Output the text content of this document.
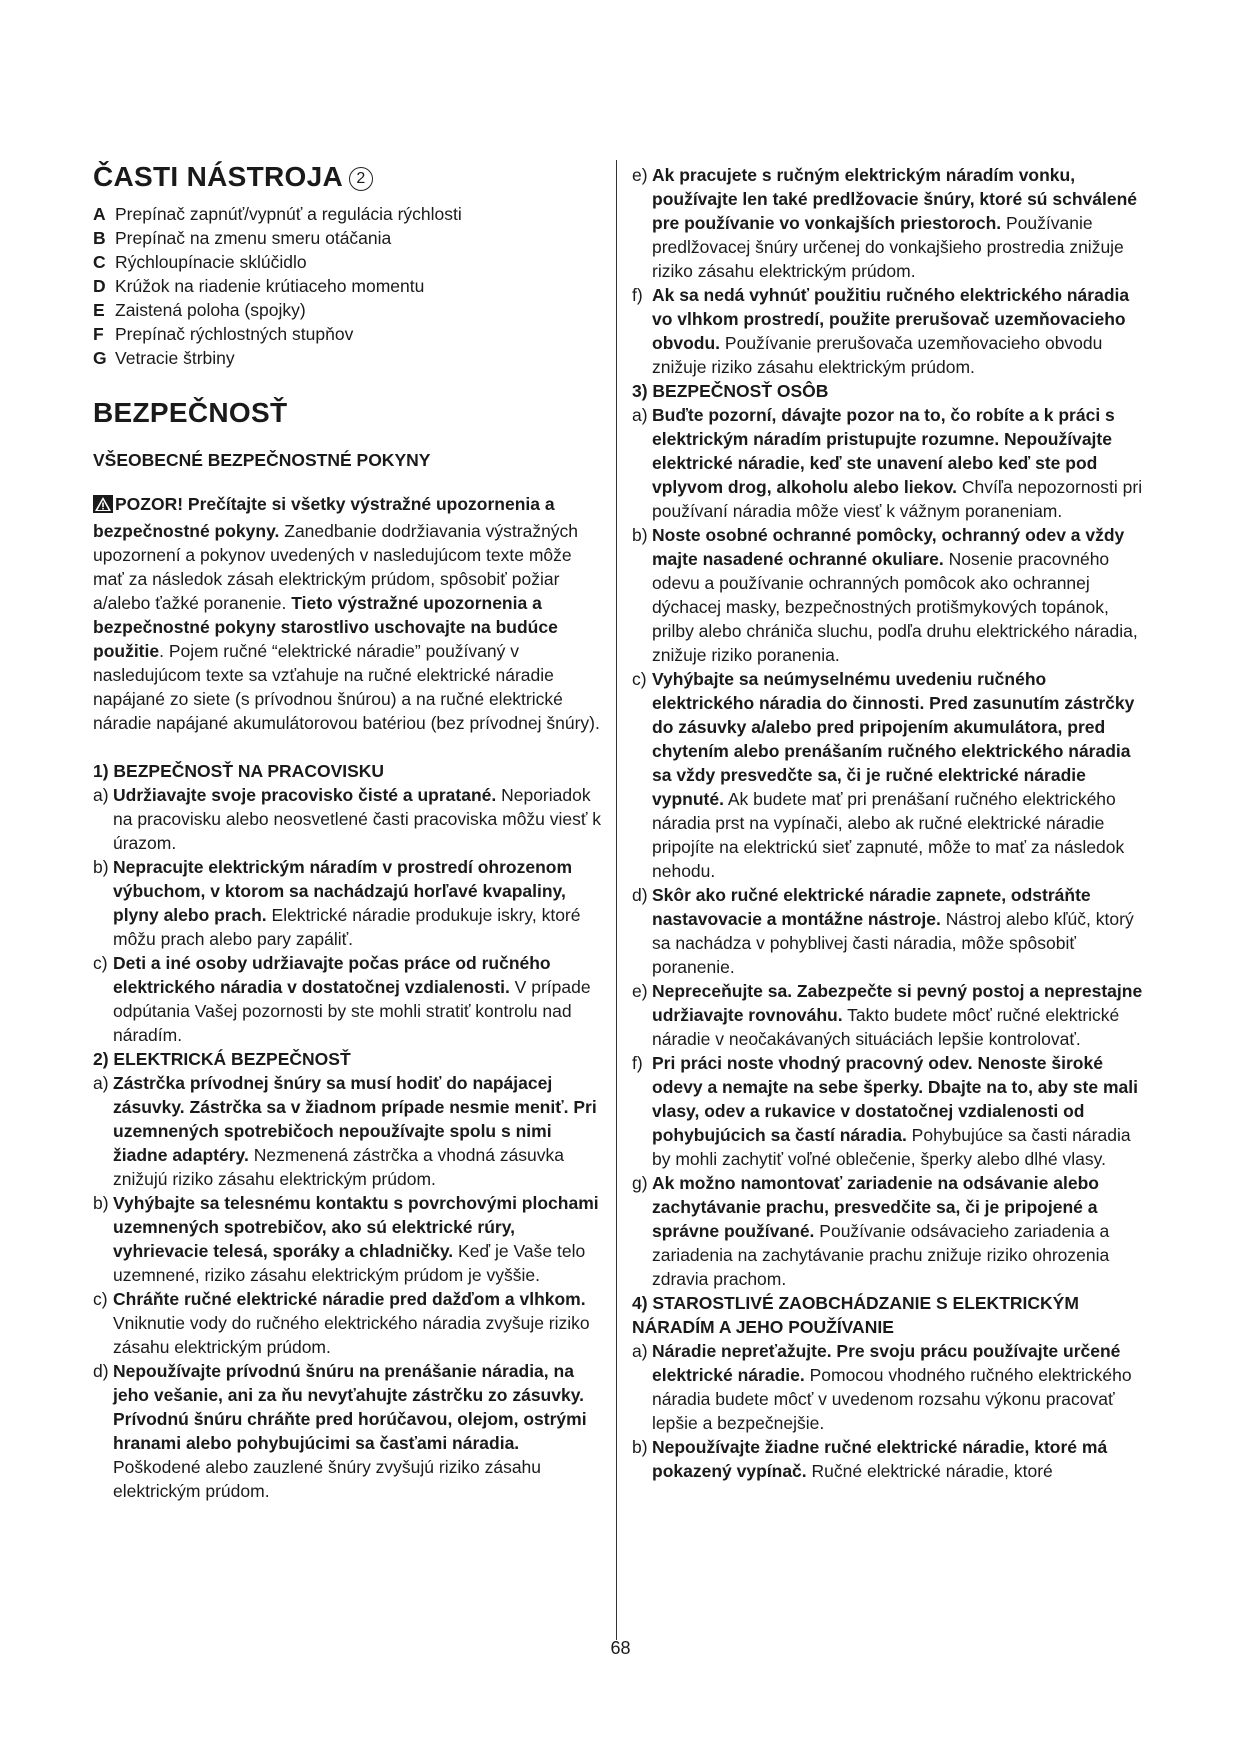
ČASTI NÁSTROJA 2
A Prepínač zapnúť/vypnúť a regulácia rýchlosti
B Prepínač na zmenu smeru otáčania
C Rýchloupínacie sklúčidlo
D Krúžok na riadenie krútiaceho momentu
E Zaistená poloha (spojky)
F Prepínač rýchlostných stupňov
G Vetracie štrbiny
BEZPEČNOSŤ
VŠEOBECNÉ BEZPEČNOSTNÉ POKYNY

POZOR! Prečítajte si všetky výstražné upozornenia a bezpečnostné pokyny. Zanedbanie dodržiavania výstražných upozornení a pokynov uvedených v nasledujúcom texte môže mať za následok zásah elektrickým prúdom, spôsobiť požiar a/alebo ťažké poranenie. Tieto výstražné upozornenia a bezpečnostné pokyny starostlivo uschovajte na budúce použitie. Pojem ručné “elektrické náradie” používaný v nasledujúcom texte sa vzťahuje na ručné elektrické náradie napájané zo siete (s prívodnou šnúrou) a na ručné elektrické náradie napájané akumulátorovou batériou (bez prívodnej šnúry).

1) BEZPEČNOSŤ NA PRACOVISKU

a) Udržiavajte svoje pracovisko čisté a upratané. Neporiadok na pracovisku alebo neosvetlené časti pracoviska môžu viesť k úrazom.

b) Nepracujte elektrickým náradím v prostredí ohrozenom výbuchom, v ktorom sa nachádzajú horľavé kvapaliny, plyny alebo prach. Elektrické náradie produkuje iskry, ktoré môžu prach alebo pary zapáliť.

c) Deti a iné osoby udržiavajte počas práce od ručného elektrického náradia v dostatočnej vzdialenosti. V prípade odpútania Vašej pozornosti by ste mohli stratiť kontrolu nad náradím.

2) ELEKTRICKÁ BEZPEČNOSŤ

a) Zástrčka prívodnej šnúry sa musí hodiť do napájacej zásuvky. Zástrčka sa v žiadnom prípade nesmie meniť. Pri uzemnených spotrebičoch nepoužívajte spolu s nimi žiadne adaptéry. Nezmenená zástrčka a vhodná zásuvka znižujú riziko zásahu elektrickým prúdom.

b) Vyhýbajte sa telesnému kontaktu s povrchovými plochami uzemnených spotrebičov, ako sú elektrické rúry, vyhrievacie telesá, sporáky a chladničky. Keď je Vaše telo uzemnené, riziko zásahu elektrickým prúdom je vyššie.

c) Chráňte ručné elektrické náradie pred dažďom a vlhkom. Vniknutie vody do ručného elektrického náradia zvyšuje riziko zásahu elektrickým prúdom.

d) Nepoužívajte prívodnú šnúru na prenášanie náradia, na jeho vešanie, ani za ňu nevyťahujte zástrčku zo zásuvky. Prívodnú šnúru chráňte pred horúčavou, olejom, ostrými hranami alebo pohybujúcimi sa časťami náradia. Poškodené alebo zauzlené šnúry zvyšujú riziko zásahu elektrickým prúdom.

e) Ak pracujete s ručným elektrickým náradím vonku, používajte len také predlžovacie šnúry, ktoré sú schválené pre používanie vo vonkajších priestoroch. Používanie predlžovacej šnúry určenej do vonkajšieho prostredia znižuje riziko zásahu elektrickým prúdom.

f) Ak sa nedá vyhnúť použitiu ručného elektrického náradia vo vlhkom prostredí, použite prerušovač uzemňovacieho obvodu. Používanie prerušovača uzemňovacieho obvodu znižuje riziko zásahu elektrickým prúdom.

3) BEZPEČNOSŤ OSÔB

a) Buďte pozorní, dávajte pozor na to, čo robíte a k práci s elektrickým náradím pristupujte rozumne. Nepoužívajte elektrické náradie, keď ste unavení alebo keď ste pod vplyvom drog, alkoholu alebo liekov. Chvíľa nepozornosti pri používaní náradia môže viesť k vážnym poraneniam.

b) Noste osobné ochranné pomôcky, ochranný odev a vždy majte nasadené ochranné okuliare. Nosenie pracovného odevu a používanie ochranných pomôcok ako ochrannej dýchacej masky, bezpečnostných protišmykových topánok, prilby alebo chrániča sluchu, podľa druhu elektrického náradia, znižuje riziko poranenia.

c) Vyhýbajte sa neúmyselnému uvedeniu ručného elektrického náradia do činnosti. Pred zasunutím zástrčky do zásuvky a/alebo pred pripojením akumulátora, pred chytením alebo prenášaním ručného elektrického náradia sa vždy presvedčte sa, či je ručné elektrické náradie vypnuté. Ak budete mať pri prenášaní ručného elektrického náradia prst na vypínači, alebo ak ručné elektrické náradie pripojíte na elektrickú sieť zapnuté, môže to mať za následok nehodu.

d) Skôr ako ručné elektrické náradie zapnete, odstráňte nastavovacie a montážne nástroje. Nástroj alebo kľúč, ktorý sa nachádza v pohyblivej časti náradia, môže spôsobiť poranenie.

e) Nepreceňujte sa. Zabezpečte si pevný postoj a neprestajne udržiavajte rovnováhu. Takto budete môcť ručné elektrické náradie v neočakávaných situáciách lepšie kontrolovať.

f) Pri práci noste vhodný pracovný odev. Nenoste široké odevy a nemajte na sebe šperky. Dbajte na to, aby ste mali vlasy, odev a rukavice v dostatočnej vzdialenosti od pohybujúcich sa častí náradia. Pohybujúce sa časti náradia by mohli zachytiť voľné oblečenie, šperky alebo dlhé vlasy.

g) Ak možno namontovať zariadenie na odsávanie alebo zachytávanie prachu, presvedčite sa, či je pripojené a správne používané. Používanie odsávacieho zariadenia a zariadenia na zachytávanie prachu znižuje riziko ohrozenia zdravia prachom.

4) STAROSTLIVÉ ZAOBCHÁDZANIE S ELEKTRICKÝM NÁRADÍM A JEHO POUŽÍVANIE

a) Náradie nepreťažujte. Pre svoju prácu používajte určené elektrické náradie. Pomocou vhodného ručného elektrického náradia budete môcť v uvedenom rozsahu výkonu pracovať lepšie a bezpečnejšie.

b) Nepoužívajte žiadne ručné elektrické náradie, ktoré má pokazený vypínač. Ručné elektrické náradie, ktoré

68
